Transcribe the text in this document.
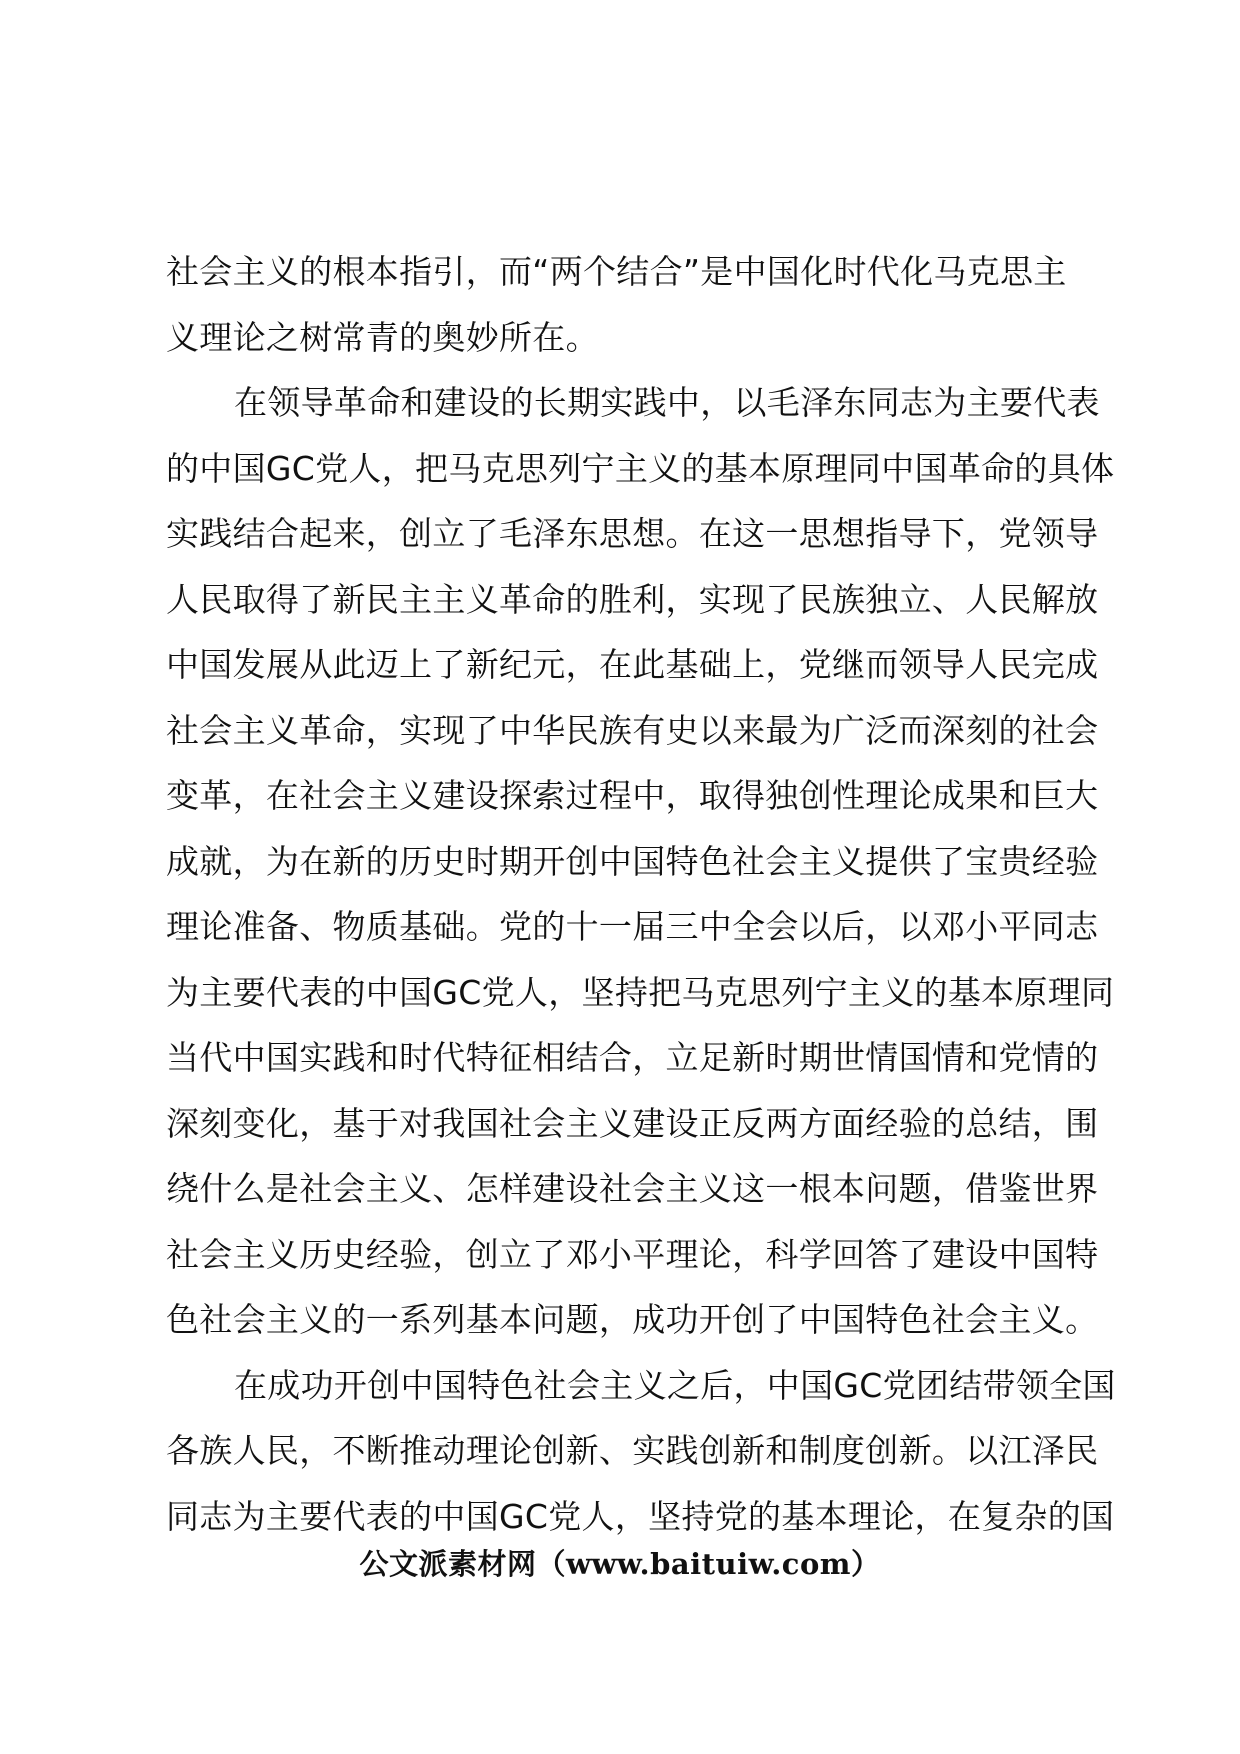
社会主义的根本指引，而“两个结合”是中国化时代化马克思主
义理论之树常青的奥妙所在。
在领导革命和建设的长期实践中，以毛泽东同志为主要代表
的中国GC党人，把马克思列宁主义的基本原理同中国革命的具体
实践结合起来，创立了毛泽东思想。在这一思想指导下，党领导
人民取得了新民主主义革命的胜利，实现了民族独立、人民解放
中国发展从此迈上了新纪元，在此基础上，党继而领导人民完成
社会主义革命，实现了中华民族有史以来最为广泛而深刻的社会
变革，在社会主义建设探索过程中，取得独创性理论成果和巨大
成就，为在新的历史时期开创中国特色社会主义提供了宝贵经验
理论准备、物质基础。党的十一届三中全会以后，以邓小平同志
为主要代表的中国GC党人，坚持把马克思列宁主义的基本原理同
当代中国实践和时代特征相结合，立足新时期世情国情和党情的
深刻变化，基于对我国社会主义建设正反两方面经验的总结，围
绕什么是社会主义、怎样建设社会主义这一根本问题，借鉴世界
社会主义历史经验，创立了邓小平理论，科学回答了建设中国特
色社会主义的一系列基本问题，成功开创了中国特色社会主义。
在成功开创中国特色社会主义之后，中国GC党团结带领全国
各族人民，不断推动理论创新、实践创新和制度创新。以江泽民
同志为主要代表的中国GC党人，坚持党的基本理论，在复杂的国
公文派素材网（www.baituiw.com）
